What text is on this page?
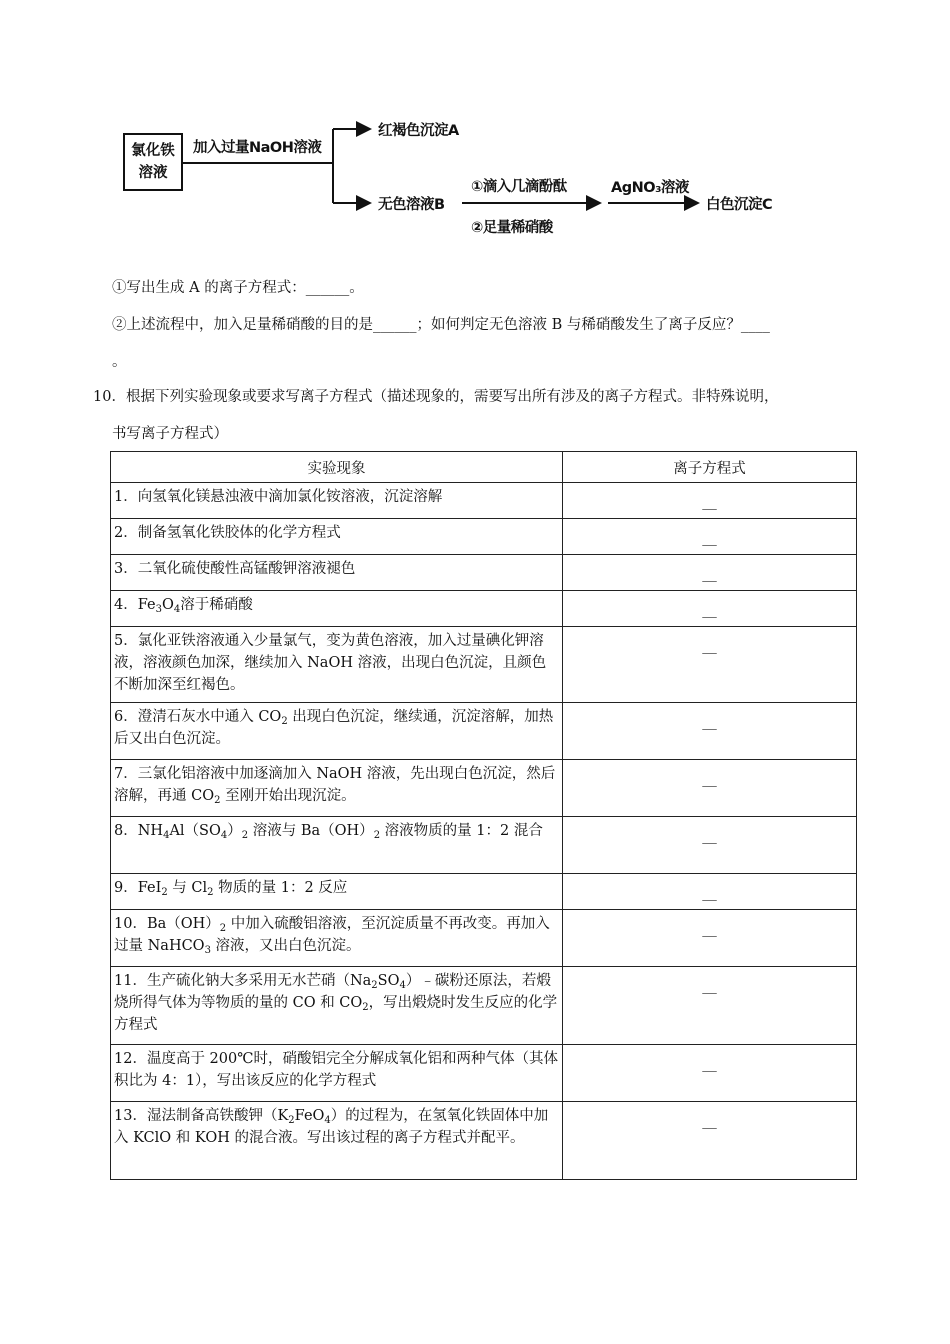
氯化铁
溶液
加入过量NaOH溶液
红褐色沉淀A
无色溶液B
①滴入几滴酚酞
②足量稀硝酸
AgNO₃溶液
白色沉淀C
①写出生成 A 的离子方程式：______。
②上述流程中，加入足量稀硝酸的目的是______；如何判定无色溶液 B 与稀硝酸发生了离子反应？____
。
10．根据下列实验现象或要求写离子方程式（描述现象的，需要写出所有涉及的离子方程式。非特殊说明，
书写离子方程式）
实验现象	离子方程式
1．向氢氧化镁悬浊液中滴加氯化铵溶液，沉淀溶解	__
2．制备氢氧化铁胶体的化学方程式	__
3．二氧化硫使酸性高锰酸钾溶液褪色	__
4．$Fe_3O_4$溶于稀硝酸	__
5．氯化亚铁溶液通入少量氯气，变为黄色溶液，加入过量碘化钾溶液，溶液颜色加深，继续加入 NaOH 溶液，出现白色沉淀，且颜色不断加深至红褐色。	__
6．澄清石灰水中通入 $CO_2$ 出现白色沉淀，继续通，沉淀溶解，加热后又出白色沉淀。	__
7．三氯化铝溶液中加逐滴加入 NaOH 溶液，先出现白色沉淀，然后溶解，再通 $CO_2$ 至刚开始出现沉淀。	__
8．$NH_4Al(SO_4)_2$ 溶液与 $Ba(OH)_2$ 溶液物质的量 1：2 混合	__
9．FeI$_2$ 与 $Cl_2$ 物质的量 1：2 反应	__
10．$Ba(OH)_2$ 中加入硫酸铝溶液，至沉淀质量不再改变。再加入过量 NaHCO$_3$ 溶液，又出白色沉淀。	__
11．生产硫化钠大多采用无水芒硝$(Na_2SO_4)﹣$碳粉还原法，若煅烧所得气体为等物质的量的 CO 和 $CO_2$，写出煅烧时发生反应的化学方程式	__
12．温度高于 200℃时，硝酸铝完全分解成氧化铝和两种气体（其体积比为 4：1），写出该反应的化学方程式	__
13．湿法制备高铁酸钾$(K_2FeO_4)$的过程为，在氢氧化铁固体中加入 KClO 和 KOH 的混合液。写出该过程的离子方程式并配平。	__
